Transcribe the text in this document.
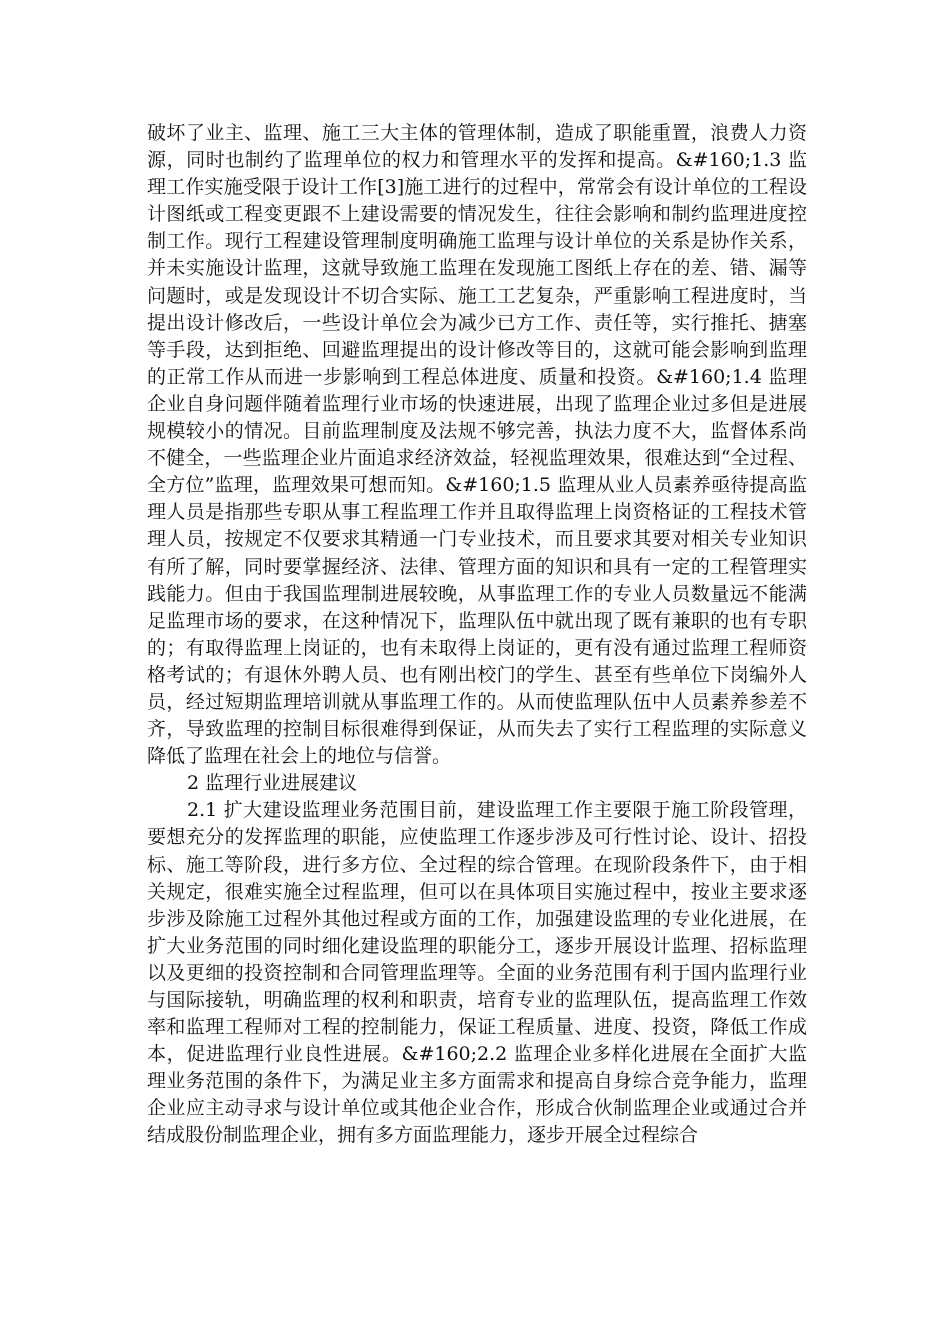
破坏了业主、监理、施工三大主体的管理体制，造成了职能重置，浪费人力资源，同时也制约了监理单位的权力和管理水平的发挥和提高。&#160;1.3 监理工作实施受限于设计工作[3]施工进行的过程中，常常会有设计单位的工程设计图纸或工程变更跟不上建设需要的情况发生，往往会影响和制约监理进度控制工作。现行工程建设管理制度明确施工监理与设计单位的关系是协作关系，并未实施设计监理，这就导致施工监理在发现施工图纸上存在的差、错、漏等问题时，或是发现设计不切合实际、施工工艺复杂，严重影响工程进度时，当提出设计修改后，一些设计单位会为减少已方工作、责任等，实行推托、搪塞等手段，达到拒绝、回避监理提出的设计修改等目的，这就可能会影响到监理的正常工作从而进一步影响到工程总体进度、质量和投资。&#160;1.4 监理企业自身问题伴随着监理行业市场的快速进展，出现了监理企业过多但是进展规模较小的情况。目前监理制度及法规不够完善，执法力度不大，监督体系尚不健全，一些监理企业片面追求经济效益，轻视监理效果，很难达到“全过程、全方位”监理，监理效果可想而知。&#160;1.5 监理从业人员素养亟待提高监理人员是指那些专职从事工程监理工作并且取得监理上岗资格证的工程技术管理人员，按规定不仅要求其精通一门专业技术，而且要求其要对相关专业知识有所了解，同时要掌握经济、法律、管理方面的知识和具有一定的工程管理实践能力。但由于我国监理制进展较晚，从事监理工作的专业人员数量远不能满足监理市场的要求，在这种情况下，监理队伍中就出现了既有兼职的也有专职的；有取得监理上岗证的，也有未取得上岗证的，更有没有通过监理工程师资格考试的；有退休外聘人员、也有刚出校门的学生、甚至有些单位下岗编外人员，经过短期监理培训就从事监理工作的。从而使监理队伍中人员素养参差不齐，导致监理的控制目标很难得到保证，从而失去了实行工程监理的实际意义降低了监理在社会上的地位与信誉。

2 监理行业进展建议

2.1 扩大建设监理业务范围目前，建设监理工作主要限于施工阶段管理，要想充分的发挥监理的职能，应使监理工作逐步涉及可行性讨论、设计、招投标、施工等阶段，进行多方位、全过程的综合管理。在现阶段条件下，由于相关规定，很难实施全过程监理，但可以在具体项目实施过程中，按业主要求逐步涉及除施工过程外其他过程或方面的工作，加强建设监理的专业化进展，在扩大业务范围的同时细化建设监理的职能分工，逐步开展设计监理、招标监理以及更细的投资控制和合同管理监理等。全面的业务范围有利于国内监理行业与国际接轨，明确监理的权利和职责，培育专业的监理队伍，提高监理工作效率和监理工程师对工程的控制能力，保证工程质量、进度、投资，降低工作成本，促进监理行业良性进展。&#160;2.2 监理企业多样化进展在全面扩大监理业务范围的条件下，为满足业主多方面需求和提高自身综合竞争能力，监理企业应主动寻求与设计单位或其他企业合作，形成合伙制监理企业或通过合并结成股份制监理企业，拥有多方面监理能力，逐步开展全过程综合
